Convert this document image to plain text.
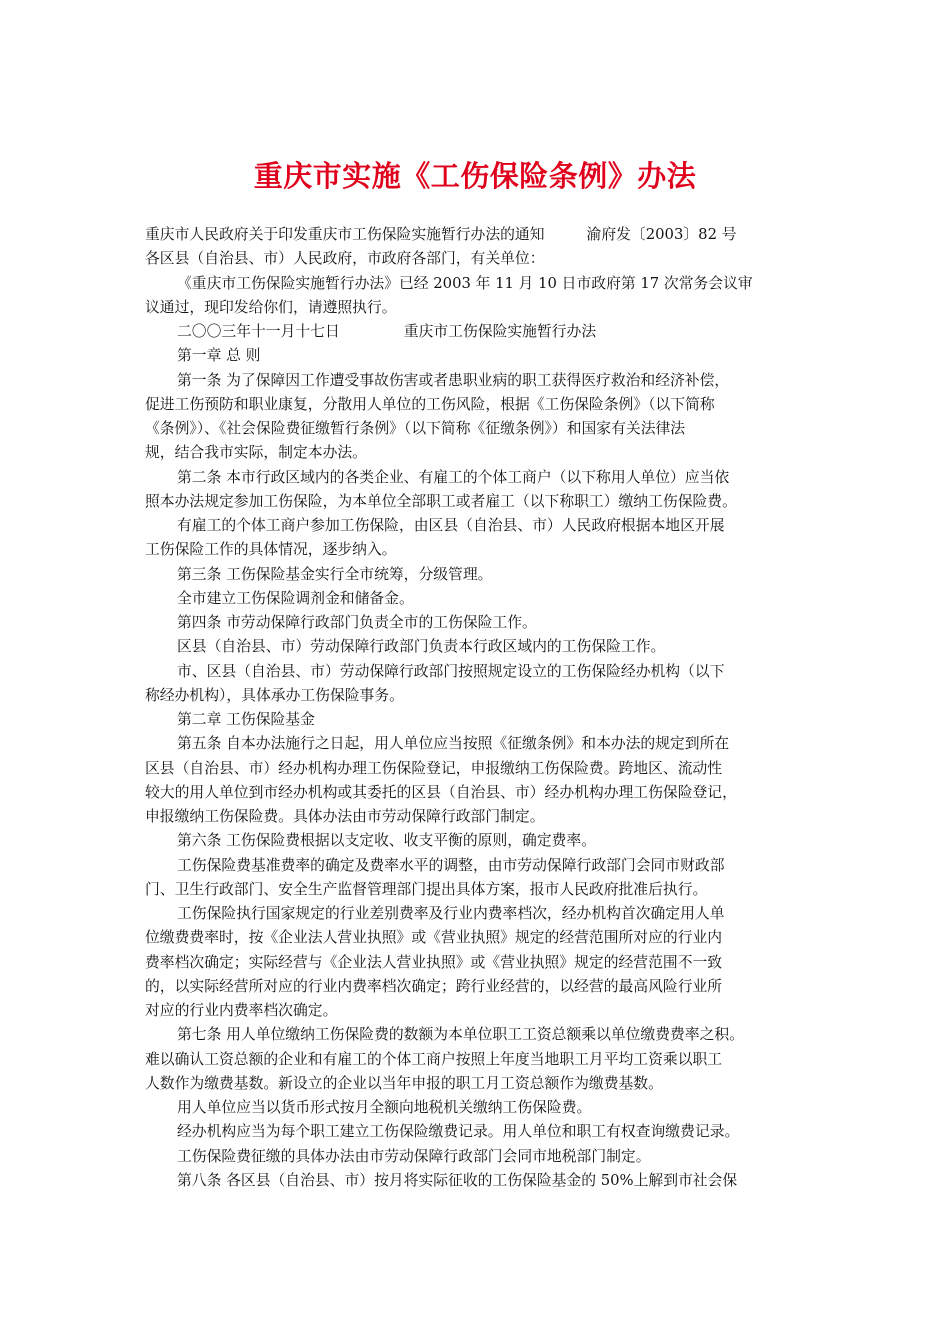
重庆市实施《工伤保险条例》办法
重庆市人民政府关于印发重庆市工伤保险实施暂行办法的通知	渝府发〔2003〕82 号
各区县（自治县、市）人民政府，市政府各部门，有关单位：
《重庆市工伤保险实施暂行办法》已经 2003 年 11 月 10 日市政府第 17 次常务会议审
议通过，现印发给你们，请遵照执行。
二〇〇三年十一月十七日	重庆市工伤保险实施暂行办法
第一章 总 则
第一条 为了保障因工作遭受事故伤害或者患职业病的职工获得医疗救治和经济补偿，
促进工伤预防和职业康复，分散用人单位的工伤风险，根据《工伤保险条例》（以下简称
《条例》）、《社会保险费征缴暂行条例》（以下简称《征缴条例》）和国家有关法律法
规，结合我市实际，制定本办法。
第二条 本市行政区域内的各类企业、有雇工的个体工商户（以下称用人单位）应当依
照本办法规定参加工伤保险，为本单位全部职工或者雇工（以下称职工）缴纳工伤保险费。
有雇工的个体工商户参加工伤保险，由区县（自治县、市）人民政府根据本地区开展
工伤保险工作的具体情况，逐步纳入。
第三条 工伤保险基金实行全市统筹，分级管理。
全市建立工伤保险调剂金和储备金。
第四条 市劳动保障行政部门负责全市的工伤保险工作。
区县（自治县、市）劳动保障行政部门负责本行政区域内的工伤保险工作。
市、区县（自治县、市）劳动保障行政部门按照规定设立的工伤保险经办机构（以下
称经办机构），具体承办工伤保险事务。
第二章 工伤保险基金
第五条 自本办法施行之日起，用人单位应当按照《征缴条例》和本办法的规定到所在
区县（自治县、市）经办机构办理工伤保险登记，申报缴纳工伤保险费。跨地区、流动性
较大的用人单位到市经办机构或其委托的区县（自治县、市）经办机构办理工伤保险登记，
申报缴纳工伤保险费。具体办法由市劳动保障行政部门制定。
第六条 工伤保险费根据以支定收、收支平衡的原则，确定费率。
工伤保险费基准费率的确定及费率水平的调整，由市劳动保障行政部门会同市财政部
门、卫生行政部门、安全生产监督管理部门提出具体方案，报市人民政府批准后执行。
工伤保险执行国家规定的行业差别费率及行业内费率档次，经办机构首次确定用人单
位缴费费率时，按《企业法人营业执照》或《营业执照》规定的经营范围所对应的行业内
费率档次确定；实际经营与《企业法人营业执照》或《营业执照》规定的经营范围不一致
的，以实际经营所对应的行业内费率档次确定；跨行业经营的，以经营的最高风险行业所
对应的行业内费率档次确定。
第七条 用人单位缴纳工伤保险费的数额为本单位职工工资总额乘以单位缴费费率之积。
难以确认工资总额的企业和有雇工的个体工商户按照上年度当地职工月平均工资乘以职工
人数作为缴费基数。新设立的企业以当年申报的职工月工资总额作为缴费基数。
用人单位应当以货币形式按月全额向地税机关缴纳工伤保险费。
经办机构应当为每个职工建立工伤保险缴费记录。用人单位和职工有权查询缴费记录。
工伤保险费征缴的具体办法由市劳动保障行政部门会同市地税部门制定。
第八条 各区县（自治县、市）按月将实际征收的工伤保险基金的 50%上解到市社会保
